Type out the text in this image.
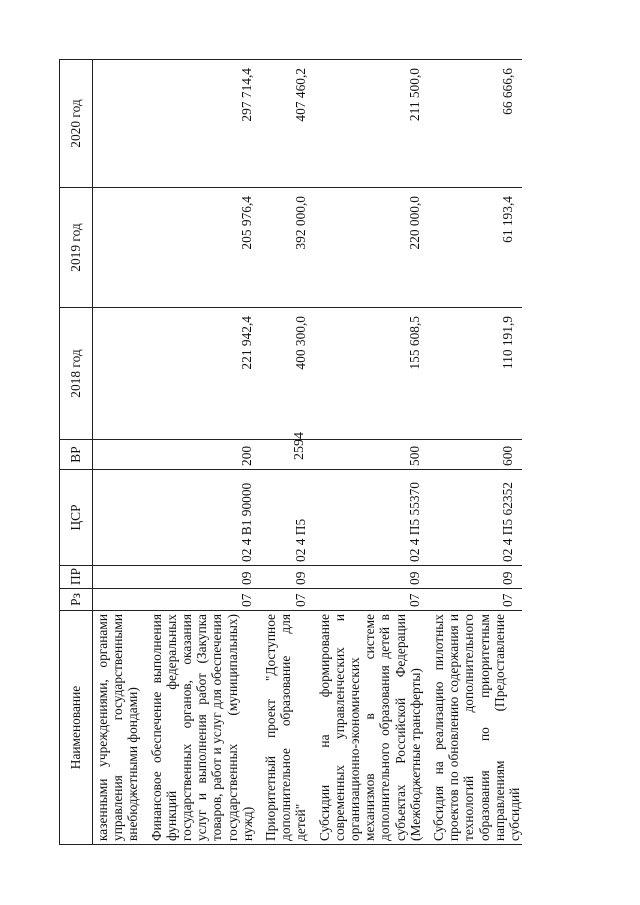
2594
Наименование	Рз	ПР	ЦСР	ВР	2018 год	2019 год	2020 год
казенными учреждениями, органами управления государственными внебюджетными фондами)							
Финансовое обеспечение выполнения функций федеральных государственных органов, оказания услуг и выполнения работ (Закупка товаров, работ и услуг для обеспечения государственных (муниципальных) нужд)	07	09	02 4 В1 90000	200	221 942,4	205 976,4	297 714,4
Приоритетный проект "Доступное дополнительное образование для детей"	07	09	02 4 П5		400 300,0	392 000,0	407 460,2
Субсидии на формирование современных управленческих и организационно-экономических механизмов в системе дополнительного образования детей в субъектах Российской Федерации (Межбюджетные трансферты)	07	09	02 4 П5 55370	500	155 608,5	220 000,0	211 500,0
Субсидия на реализацию пилотных проектов по обновлению содержания и технологий дополнительного образования по приоритетным направлениям (Предоставление субсидий	07	09	02 4 П5 62352	600	110 191,9	61 193,4	66 666,6
